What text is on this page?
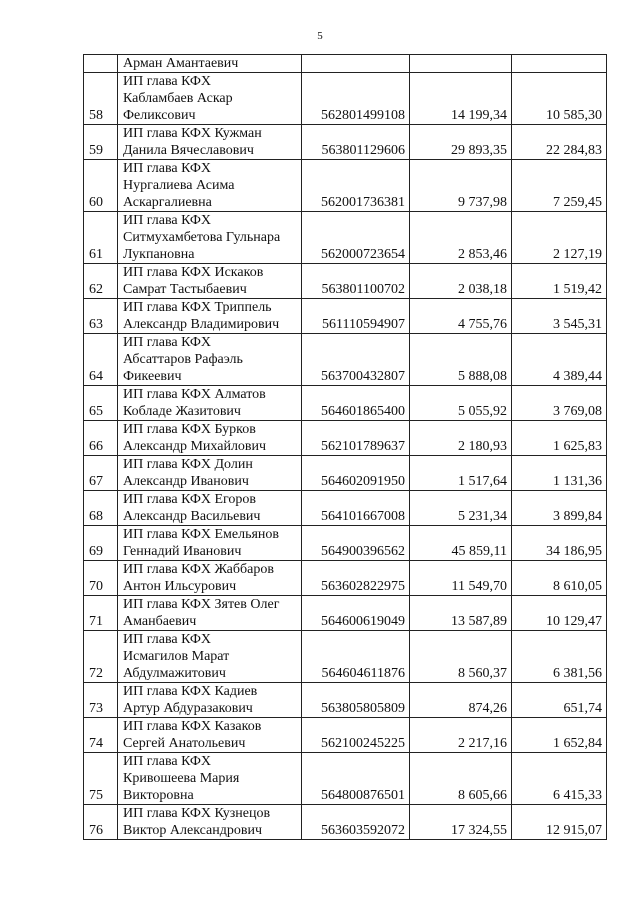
5
	Арман Амантаевич			
58	ИП глава КФХ
Кабламбаев Аскар
Феликсович	562801499108	14 199,34	10 585,30
59	ИП глава КФХ Кужман
Данила Вячеславович	563801129606	29 893,35	22 284,83
60	ИП глава КФХ
Нургалиева Асима
Аскаргалиевна	562001736381	9 737,98	7 259,45
61	ИП глава КФХ
Ситмухамбетова Гульнара
Лукпановна	562000723654	2 853,46	2 127,19
62	ИП глава КФХ Искаков
Самрат Тастыбаевич	563801100702	2 038,18	1 519,42
63	ИП глава КФХ Триппель
Александр Владимирович	561110594907	4 755,76	3 545,31
64	ИП глава КФХ
Абсаттаров Рафаэль
Фикеевич	563700432807	5 888,08	4 389,44
65	ИП глава КФХ Алматов
Кобладе Жазитович	564601865400	5 055,92	3 769,08
66	ИП глава КФХ Бурков
Александр Михайлович	562101789637	2 180,93	1 625,83
67	ИП глава КФХ Долин
Александр Иванович	564602091950	1 517,64	1 131,36
68	ИП глава КФХ Егоров
Александр Васильевич	564101667008	5 231,34	3 899,84
69	ИП глава КФХ Емельянов
Геннадий Иванович	564900396562	45 859,11	34 186,95
70	ИП глава КФХ Жаббаров
Антон Ильсурович	563602822975	11 549,70	8 610,05
71	ИП глава КФХ Зятев Олег
Аманбаевич	564600619049	13 587,89	10 129,47
72	ИП глава КФХ
Исмагилов Марат
Абдулмажитович	564604611876	8 560,37	6 381,56
73	ИП глава КФХ Кадиев
Артур Абдуразакович	563805805809	874,26	651,74
74	ИП глава КФХ Казаков
Сергей Анатольевич	562100245225	2 217,16	1 652,84
75	ИП глава КФХ
Кривошеева Мария
Викторовна	564800876501	8 605,66	6 415,33
76	ИП глава КФХ Кузнецов
Виктор Александрович	563603592072	17 324,55	12 915,07
